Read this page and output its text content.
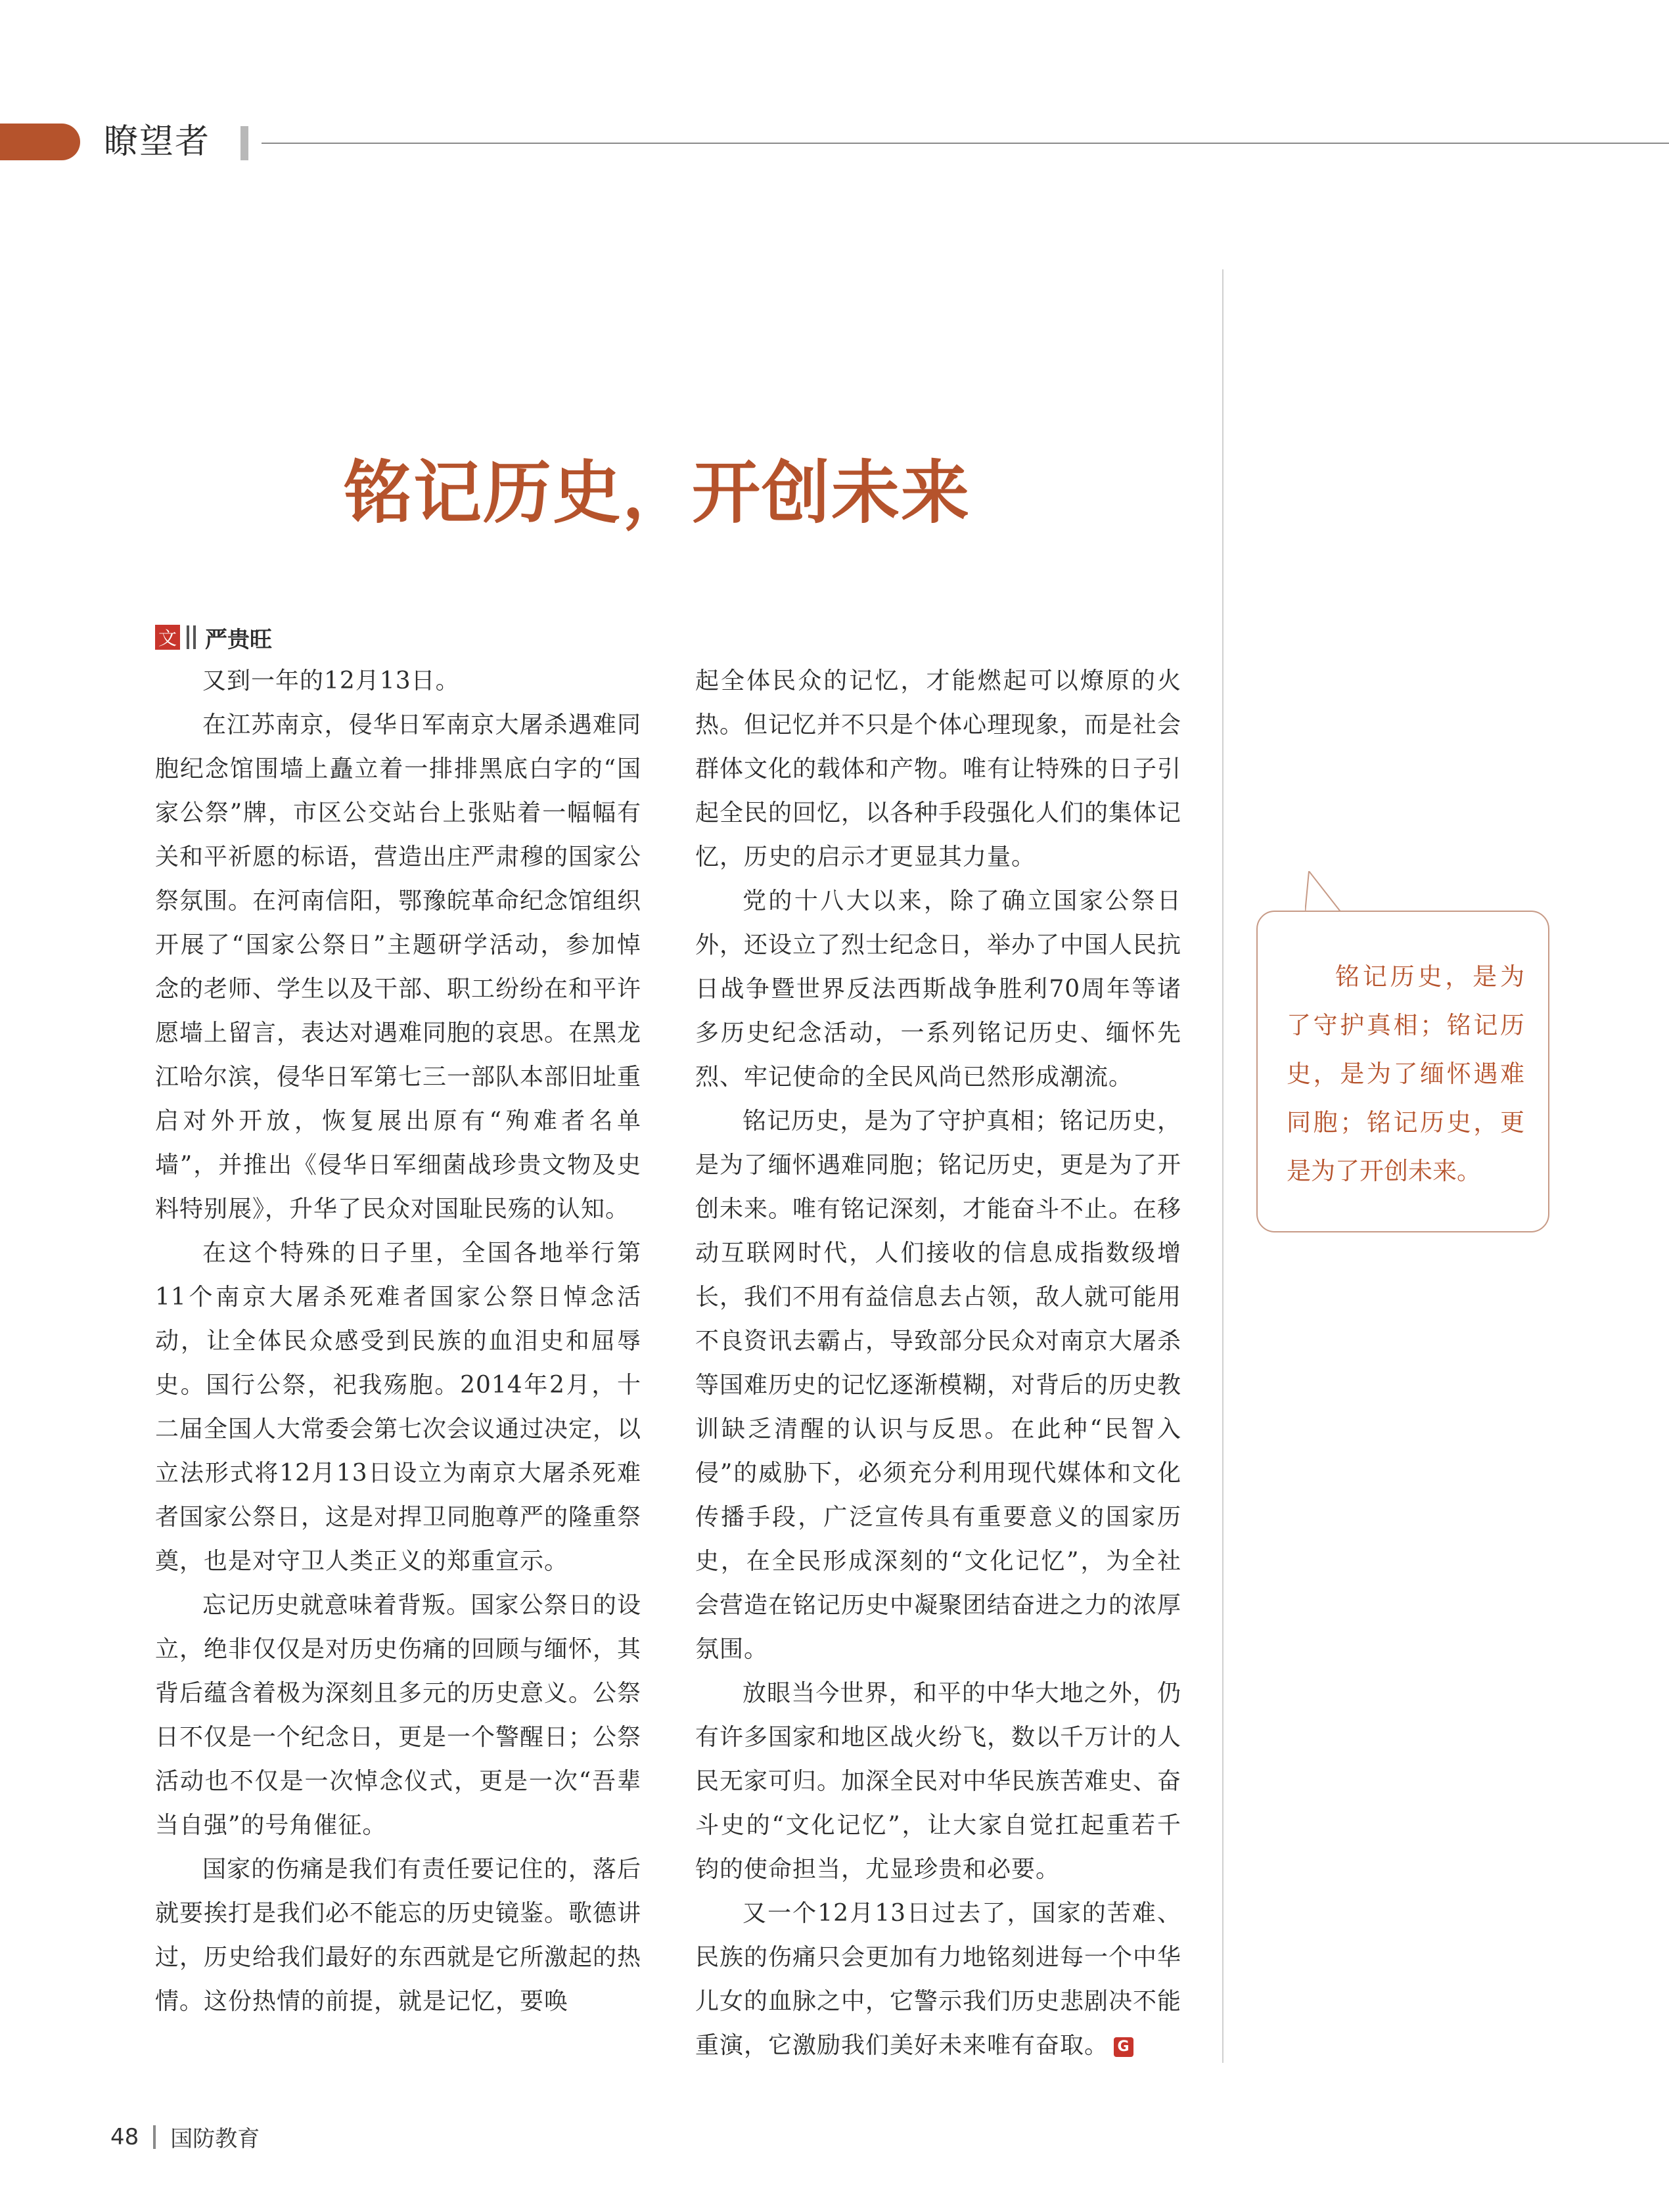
瞭望者
铭记历史，开创未来
文 严贵旺

又到一年的12月13日。

在江苏南京，侵华日军南京大屠杀遇难同胞纪念馆围墙上矗立着一排排黑底白字的“国家公祭”牌，市区公交站台上张贴着一幅幅有关和平祈愿的标语，营造出庄严肃穆的国家公祭氛围。在河南信阳，鄂豫皖革命纪念馆组织开展了“国家公祭日”主题研学活动，参加悼念的老师、学生以及干部、职工纷纷在和平许愿墙上留言，表达对遇难同胞的哀思。在黑龙江哈尔滨，侵华日军第七三一部队本部旧址重启对外开放，恢复展出原有“殉难者名单墙”，并推出《侵华日军细菌战珍贵文物及史料特别展》，升华了民众对国耻民殇的认知。

在这个特殊的日子里，全国各地举行第11个南京大屠杀死难者国家公祭日悼念活动，让全体民众感受到民族的血泪史和屈辱史。国行公祭，祀我殇胞。2014年2月，十二届全国人大常委会第七次会议通过决定，以立法形式将12月13日设立为南京大屠杀死难者国家公祭日，这是对捍卫同胞尊严的隆重祭奠，也是对守卫人类正义的郑重宣示。

忘记历史就意味着背叛。国家公祭日的设立，绝非仅仅是对历史伤痛的回顾与缅怀，其背后蕴含着极为深刻且多元的历史意义。公祭日不仅是一个纪念日，更是一个警醒日；公祭活动也不仅是一次悼念仪式，更是一次“吾辈当自强”的号角催征。

国家的伤痛是我们有责任要记住的，落后就要挨打是我们必不能忘的历史镜鉴。歌德讲过，历史给我们最好的东西就是它所激起的热情。这份热情的前提，就是记忆，要唤

起全体民众的记忆，才能燃起可以燎原的火热。但记忆并不只是个体心理现象，而是社会群体文化的载体和产物。唯有让特殊的日子引起全民的回忆，以各种手段强化人们的集体记忆，历史的启示才更显其力量。

党的十八大以来，除了确立国家公祭日外，还设立了烈士纪念日，举办了中国人民抗日战争暨世界反法西斯战争胜利70周年等诸多历史纪念活动，一系列铭记历史、缅怀先烈、牢记使命的全民风尚已然形成潮流。

铭记历史，是为了守护真相；铭记历史，是为了缅怀遇难同胞；铭记历史，更是为了开创未来。唯有铭记深刻，才能奋斗不止。在移动互联网时代，人们接收的信息成指数级增长，我们不用有益信息去占领，敌人就可能用不良资讯去霸占，导致部分民众对南京大屠杀等国难历史的记忆逐渐模糊，对背后的历史教训缺乏清醒的认识与反思。在此种“民智入侵”的威胁下，必须充分利用现代媒体和文化传播手段，广泛宣传具有重要意义的国家历史，在全民形成深刻的“文化记忆”，为全社会营造在铭记历史中凝聚团结奋进之力的浓厚氛围。

放眼当今世界，和平的中华大地之外，仍有许多国家和地区战火纷飞，数以千万计的人民无家可归。加深全民对中华民族苦难史、奋斗史的“文化记忆”，让大家自觉扛起重若千钧的使命担当，尤显珍贵和必要。

又一个12月13日过去了，国家的苦难、民族的伤痛只会更加有力地铭刻进每一个中华儿女的血脉之中，它警示我们历史悲剧决不能重演，它激励我们美好未来唯有奋取。 G

铭记历史，是为了守护真相；铭记历史，是为了缅怀遇难同胞；铭记历史，更是为了开创未来。

48 国防教育
